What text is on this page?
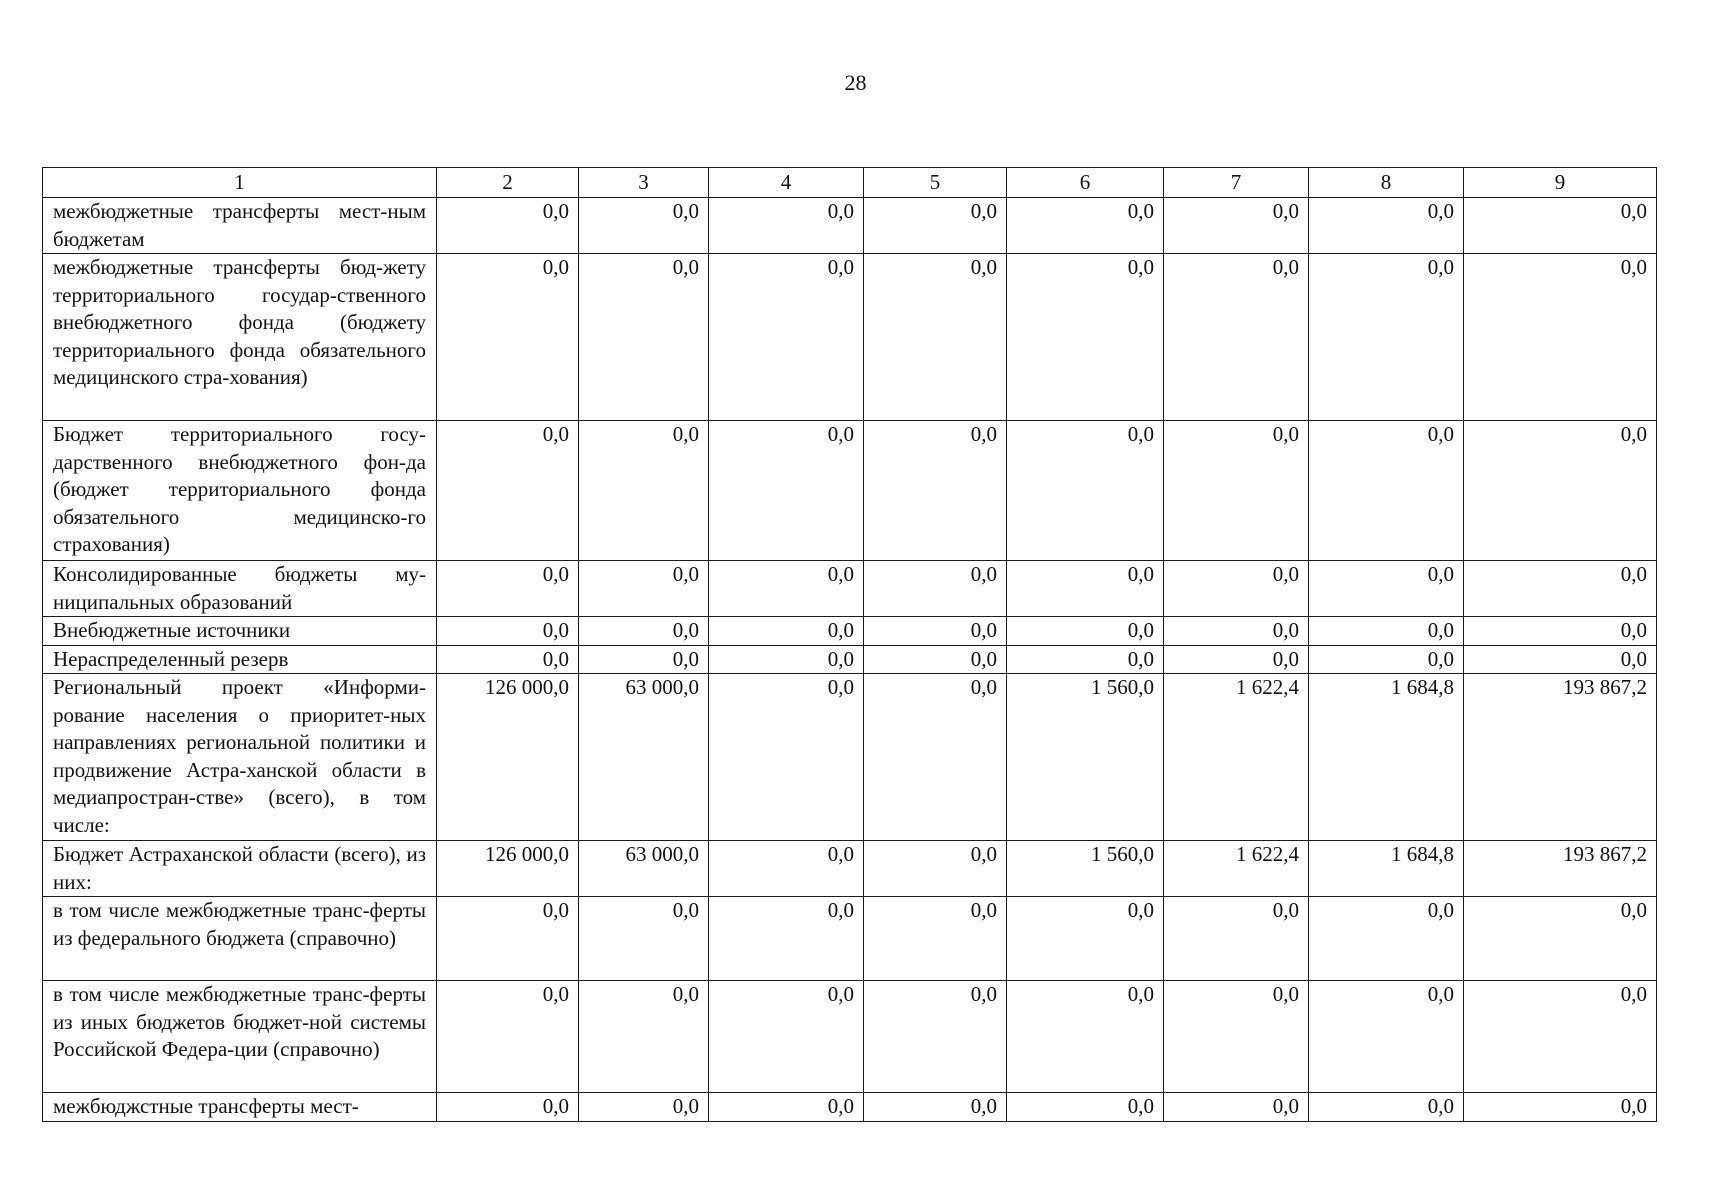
28
1	2	3	4	5	6	7	8	9
межбюджетные трансферты мест-ным бюджетам	0,0	0,0	0,0	0,0	0,0	0,0	0,0	0,0
межбюджетные трансферты бюд-жету территориального государ-ственного внебюджетного фонда (бюджету территориального фонда обязательного медицинского стра-хования)	0,0	0,0	0,0	0,0	0,0	0,0	0,0	0,0
Бюджет территориального госу-дарственного внебюджетного фон-да (бюджет территориального фонда обязательного медицинско-го страхования)	0,0	0,0	0,0	0,0	0,0	0,0	0,0	0,0
Консолидированные бюджеты му-ниципальных образований	0,0	0,0	0,0	0,0	0,0	0,0	0,0	0,0
Внебюджетные источники	0,0	0,0	0,0	0,0	0,0	0,0	0,0	0,0
Нераспределенный резерв	0,0	0,0	0,0	0,0	0,0	0,0	0,0	0,0
Региональный проект «Информи-рование населения о приоритет-ных направлениях региональной политики и продвижение Астра-ханской области в медиапростран-стве» (всего), в том числе:	126 000,0	63 000,0	0,0	0,0	1 560,0	1 622,4	1 684,8	193 867,2
Бюджет Астраханской области (всего), из них:	126 000,0	63 000,0	0,0	0,0	1 560,0	1 622,4	1 684,8	193 867,2
в том числе межбюджетные транс-ферты из федерального бюджета (справочно)	0,0	0,0	0,0	0,0	0,0	0,0	0,0	0,0
в том числе межбюджетные транс-ферты из иных бюджетов бюджет-ной системы Российской Федера-ции (справочно)	0,0	0,0	0,0	0,0	0,0	0,0	0,0	0,0
межбюджстные трансферты мест-	0,0	0,0	0,0	0,0	0,0	0,0	0,0	0,0
